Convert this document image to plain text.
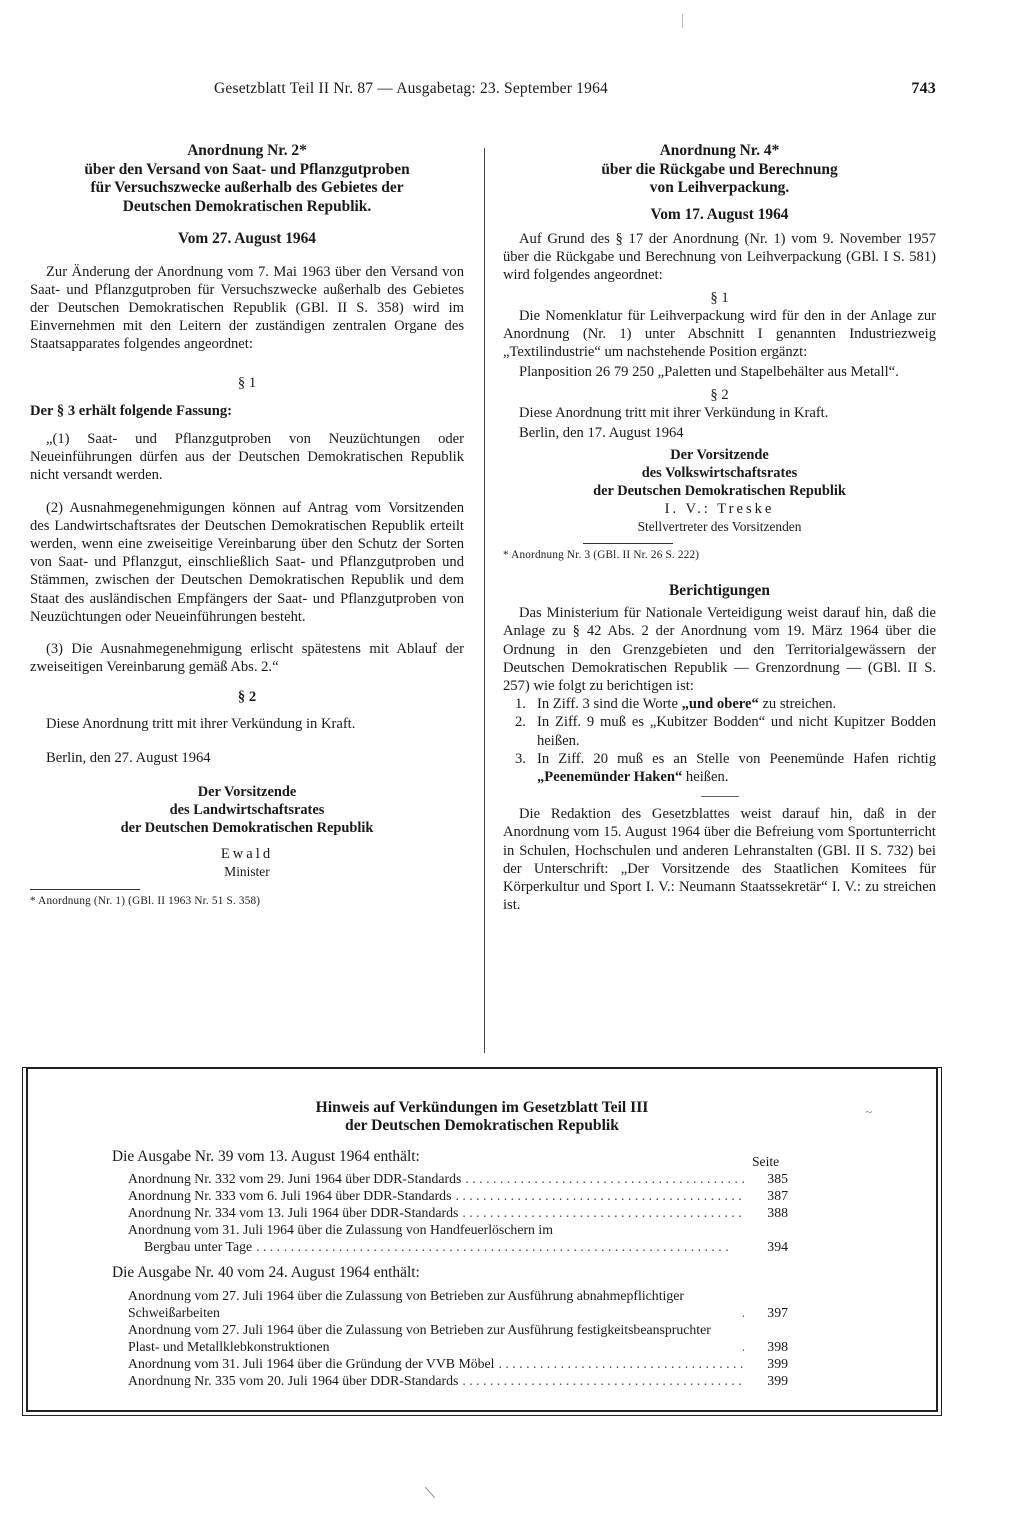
Gesetzblatt Teil II Nr. 87 — Ausgabetag: 23. September 1964	743
Anordnung Nr. 2*
über den Versand von Saat- und Pflanzgutproben
für Versuchszwecke außerhalb des Gebietes der
Deutschen Demokratischen Republik.
Vom 27. August 1964

Zur Änderung der Anordnung vom 7. Mai 1963 über den Versand von Saat- und Pflanzgutproben für Versuchszwecke außerhalb des Gebietes der Deutschen Demokratischen Republik (GBl. II S. 358) wird im Einvernehmen mit den Leitern der zuständigen zentralen Organe des Staatsapparates folgendes angeordnet:

§ 1

Der § 3 erhält folgende Fassung:

„(1) Saat- und Pflanzgutproben von Neuzüchtungen oder Neueinführungen dürfen aus der Deutschen Demokratischen Republik nicht versandt werden.

(2) Ausnahmegenehmigungen können auf Antrag vom Vorsitzenden des Landwirtschaftsrates der Deutschen Demokratischen Republik erteilt werden, wenn eine zweiseitige Vereinbarung über den Schutz der Sorten von Saat- und Pflanzgut, einschließlich Saat- und Pflanzgutproben und Stämmen, zwischen der Deutschen Demokratischen Republik und dem Staat des ausländischen Empfängers der Saat- und Pflanzgutproben von Neuzüchtungen oder Neueinführungen besteht.

(3) Die Ausnahmegenehmigung erlischt spätestens mit Ablauf der zweiseitigen Vereinbarung gemäß Abs. 2.“

§ 2

Diese Anordnung tritt mit ihrer Verkündung in Kraft.

Berlin, den 27. August 1964

Der Vorsitzende
des Landwirtschaftsrates
der Deutschen Demokratischen Republik
Ewald
Minister
* Anordnung (Nr. 1) (GBl. II 1963 Nr. 51 S. 358)
Anordnung Nr. 4*
über die Rückgabe und Berechnung
von Leihverpackung.
Vom 17. August 1964

Auf Grund des § 17 der Anordnung (Nr. 1) vom 9. November 1957 über die Rückgabe und Berechnung von Leihverpackung (GBl. I S. 581) wird folgendes angeordnet:

§ 1

Die Nomenklatur für Leihverpackung wird für den in der Anlage zur Anordnung (Nr. 1) unter Abschnitt I genannten Industriezweig „Textilindustrie“ um nachstehende Position ergänzt:

Planposition 26 79 250 „Paletten und Stapelbehälter aus Metall“.

§ 2

Diese Anordnung tritt mit ihrer Verkündung in Kraft.

Berlin, den 17. August 1964

Der Vorsitzende
des Volkswirtschaftsrates
der Deutschen Demokratischen Republik
I. V.: Treske
Stellvertreter des Vorsitzenden
* Anordnung Nr. 3 (GBl. II Nr. 26 S. 222)
Berichtigungen

Das Ministerium für Nationale Verteidigung weist darauf hin, daß die Anlage zu § 42 Abs. 2 der Anordnung vom 19. März 1964 über die Ordnung in den Grenzgebieten und den Territorialgewässern der Deutschen Demokratischen Republik — Grenzordnung — (GBl. II S. 257) wie folgt zu berichtigen ist:

1. In Ziff. 3 sind die Worte „und obere“ zu streichen.
2. In Ziff. 9 muß es „Kubitzer Bodden“ und nicht Kupitzer Bodden heißen.
3. In Ziff. 20 muß es an Stelle von Peenemünde Hafen richtig „Peenemünder Haken“ heißen.

Die Redaktion des Gesetzblattes weist darauf hin, daß in der Anordnung vom 15. August 1964 über die Befreiung vom Sportunterricht in Schulen, Hochschulen und anderen Lehranstalten (GBl. II S. 732) bei der Unterschrift: „Der Vorsitzende des Staatlichen Komitees für Körperkultur und Sport I. V.: Neumann Staatssekretär“ I. V.: zu streichen ist.

~
Hinweis auf Verkündungen im Gesetzblatt Teil III
der Deutschen Demokratischen Republik
Die Ausgabe Nr. 39 vom 13. August 1964 enthält:	Seite
Anordnung Nr. 332 vom 29. Juni 1964 über DDR-Standards . . .	385
Anordnung Nr. 333 vom 6. Juli 1964 über DDR-Standards . . .	387
Anordnung Nr. 334 vom 13. Juli 1964 über DDR-Standards . . .	388
Anordnung vom 31. Juli 1964 über die Zulassung von Handfeuerlöschern im
Bergbau unter Tage . . .	394
Die Ausgabe Nr. 40 vom 24. August 1964 enthält:
Anordnung vom 27. Juli 1964 über die Zulassung von Betrieben zur Ausführung abnahmepflichtiger Schweißarbeiten . . .	397
Anordnung vom 27. Juli 1964 über die Zulassung von Betrieben zur Ausführung festigkeitsbeanspruchter Plast- und Metallklebkonstruktionen . . .	398
Anordnung vom 31. Juli 1964 über die Gründung der VVB Möbel . . .	399
Anordnung Nr. 335 vom 20. Juli 1964 über DDR-Standards . . .	399
